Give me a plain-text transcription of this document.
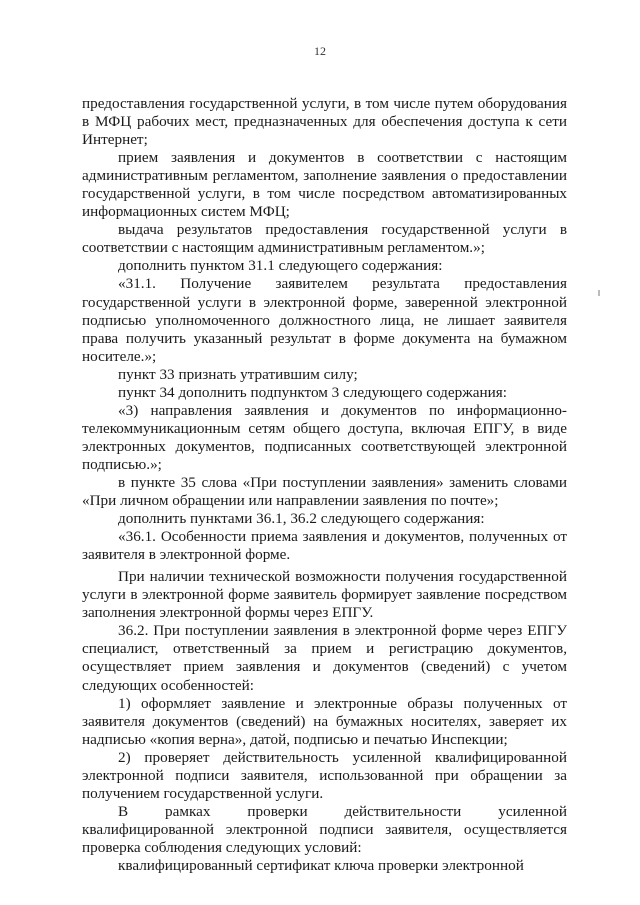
12

предоставления государственной услуги, в том числе путем оборудования в МФЦ рабочих мест, предназначенных для обеспечения доступа к сети Интернет;

прием заявления и документов в соответствии с настоящим административным регламентом, заполнение заявления о предоставлении государственной услуги, в том числе посредством автоматизированных информационных систем МФЦ;

выдача результатов предоставления государственной услуги в соответствии с настоящим административным регламентом.»;

дополнить пунктом 31.1 следующего содержания:

«31.1. Получение заявителем результата предоставления государственной услуги в электронной форме, заверенной электронной подписью уполномоченного должностного лица, не лишает заявителя права получить указанный результат в форме документа на бумажном носителе.»;

пункт 33 признать утратившим силу;

пункт 34 дополнить подпунктом 3 следующего содержания:

«3) направления заявления и документов по информационно-телекоммуникационным сетям общего доступа, включая ЕПГУ, в виде электронных документов, подписанных соответствующей электронной подписью.»;

в пункте 35 слова «При поступлении заявления» заменить словами «При личном обращении или направлении заявления по почте»;

дополнить пунктами 36.1, 36.2 следующего содержания:

«36.1. Особенности приема заявления и документов, полученных от заявителя в электронной форме.

При наличии технической возможности получения государственной услуги в электронной форме заявитель формирует заявление посредством заполнения электронной формы через ЕПГУ.

36.2. При поступлении заявления в электронной форме через ЕПГУ специалист, ответственный за прием и регистрацию документов, осуществляет прием заявления и документов (сведений) с учетом следующих особенностей:

1) оформляет заявление и электронные образы полученных от заявителя документов (сведений) на бумажных носителях, заверяет их надписью «копия верна», датой, подписью и печатью Инспекции;

2) проверяет действительность усиленной квалифицированной электронной подписи заявителя, использованной при обращении за получением государственной услуги.

В рамках проверки действительности усиленной квалифицированной электронной подписи заявителя, осуществляется проверка соблюдения следующих условий:

квалифицированный сертификат ключа проверки электронной
